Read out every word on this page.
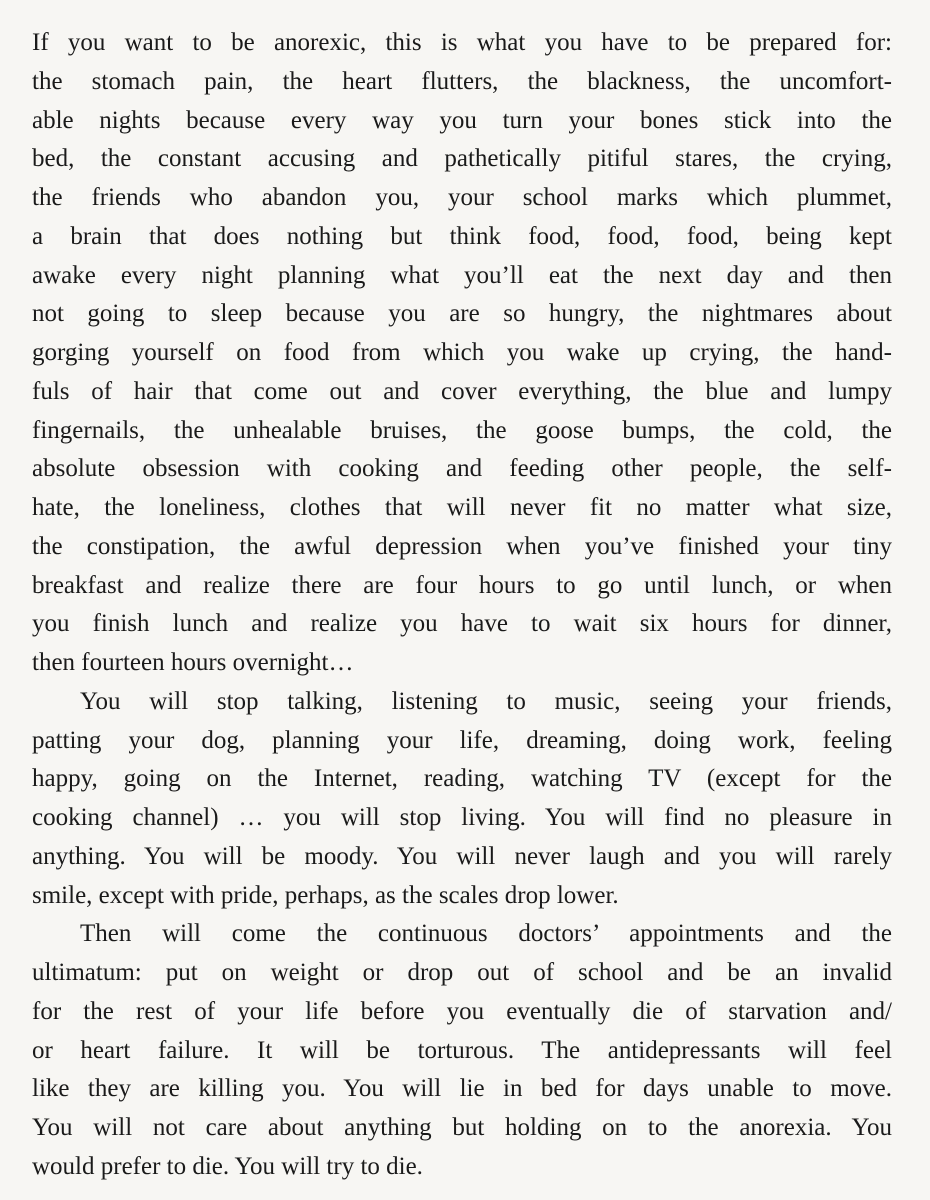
If you want to be anorexic, this is what you have to be prepared for:
the stomach pain, the heart flutters, the blackness, the uncomfort-
able nights because every way you turn your bones stick into the
bed, the constant accusing and pathetically pitiful stares, the crying,
the friends who abandon you, your school marks which plummet,
a brain that does nothing but think food, food, food, being kept
awake every night planning what you’ll eat the next day and then
not going to sleep because you are so hungry, the nightmares about
gorging yourself on food from which you wake up crying, the hand-
fuls of hair that come out and cover everything, the blue and lumpy
fingernails, the unhealable bruises, the goose bumps, the cold, the
absolute obsession with cooking and feeding other people, the self-
hate, the loneliness, clothes that will never fit no matter what size,
the constipation, the awful depression when you’ve finished your tiny
breakfast and realize there are four hours to go until lunch, or when
you finish lunch and realize you have to wait six hours for dinner,
then fourteen hours overnight…
You will stop talking, listening to music, seeing your friends,
patting your dog, planning your life, dreaming, doing work, feeling
happy, going on the Internet, reading, watching TV (except for the
cooking channel) … you will stop living. You will find no pleasure in
anything. You will be moody. You will never laugh and you will rarely
smile, except with pride, perhaps, as the scales drop lower.
Then will come the continuous doctors’ appointments and the
ultimatum: put on weight or drop out of school and be an invalid
for the rest of your life before you eventually die of starvation and/
or heart failure. It will be torturous. The antidepressants will feel
like they are killing you. You will lie in bed for days unable to move.
You will not care about anything but holding on to the anorexia. You
would prefer to die. You will try to die.
